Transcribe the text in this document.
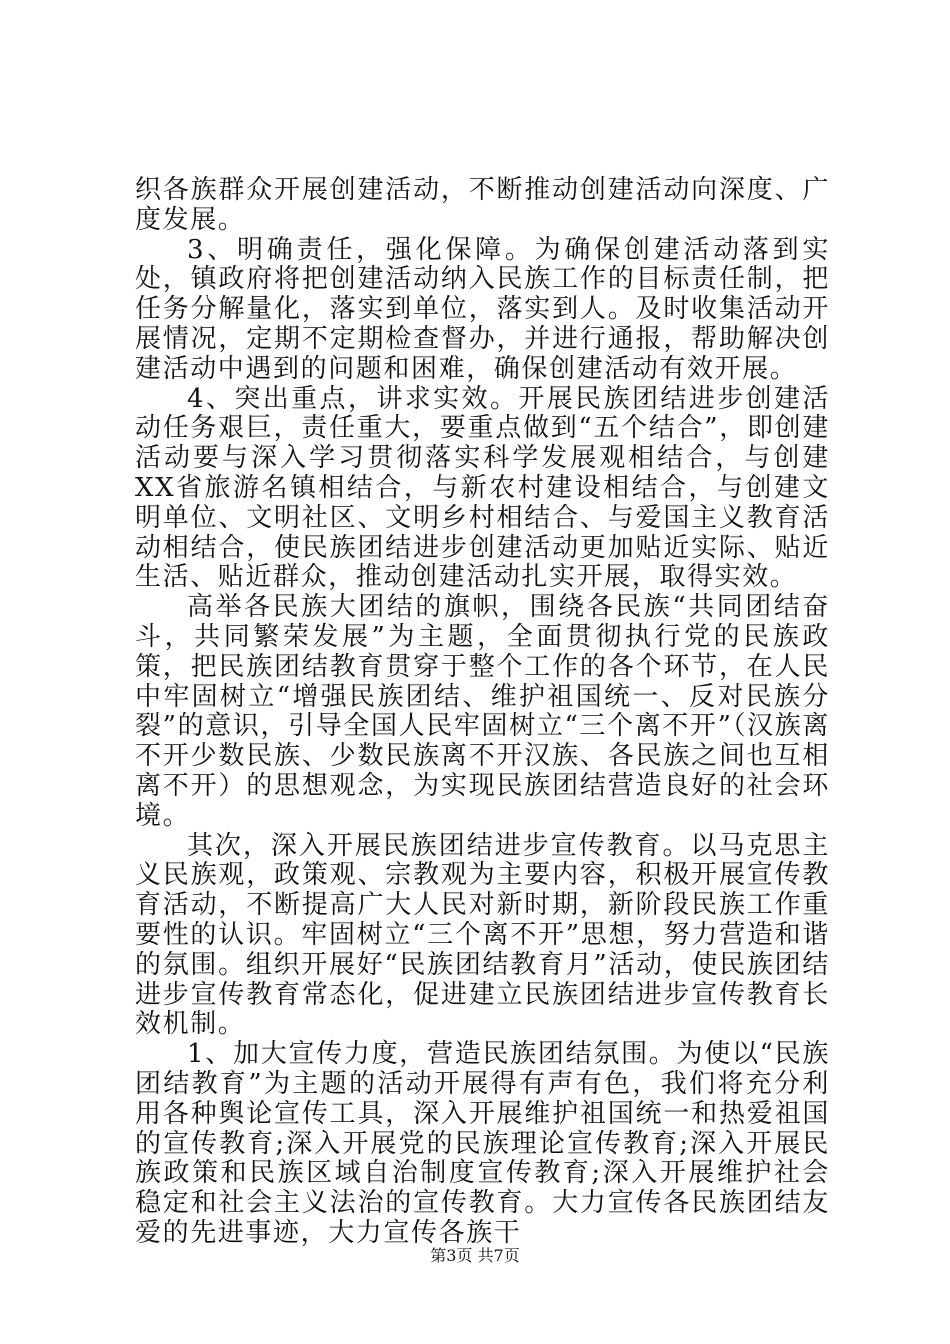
织各族群众开展创建活动，不断推动创建活动向深度、广度发展。

3、明确责任，强化保障。为确保创建活动落到实处，镇政府将把创建活动纳入民族工作的目标责任制，把任务分解量化，落实到单位，落实到人。及时收集活动开展情况，定期不定期检查督办，并进行通报，帮助解决创建活动中遇到的问题和困难，确保创建活动有效开展。

4、突出重点，讲求实效。开展民族团结进步创建活动任务艰巨，责任重大，要重点做到“五个结合”，即创建活动要与深入学习贯彻落实科学发展观相结合，与创建XX省旅游名镇相结合，与新农村建设相结合，与创建文明单位、文明社区、文明乡村相结合、与爱国主义教育活动相结合，使民族团结进步创建活动更加贴近实际、贴近生活、贴近群众，推动创建活动扎实开展，取得实效。

高举各民族大团结的旗帜，围绕各民族“共同团结奋斗，共同繁荣发展”为主题，全面贯彻执行党的民族政策，把民族团结教育贯穿于整个工作的各个环节，在人民中牢固树立“增强民族团结、维护祖国统一、反对民族分裂”的意识，引导全国人民牢固树立“三个离不开”（汉族离不开少数民族、少数民族离不开汉族、各民族之间也互相离不开）的思想观念，为实现民族团结营造良好的社会环境。

其次，深入开展民族团结进步宣传教育。以马克思主义民族观，政策观、宗教观为主要内容，积极开展宣传教育活动，不断提高广大人民对新时期，新阶段民族工作重要性的认识。牢固树立“三个离不开”思想，努力营造和谐的氛围。组织开展好“民族团结教育月”活动，使民族团结进步宣传教育常态化，促进建立民族团结进步宣传教育长效机制。

1、加大宣传力度，营造民族团结氛围。为使以“民族团结教育”为主题的活动开展得有声有色，我们将充分利用各种舆论宣传工具，深入开展维护祖国统一和热爱祖国的宣传教育;深入开展党的民族理论宣传教育;深入开展民族政策和民族区域自治制度宣传教育;深入开展维护社会稳定和社会主义法治的宣传教育。大力宣传各民族团结友爱的先进事迹，大力宣传各族干

第3页 共7页
